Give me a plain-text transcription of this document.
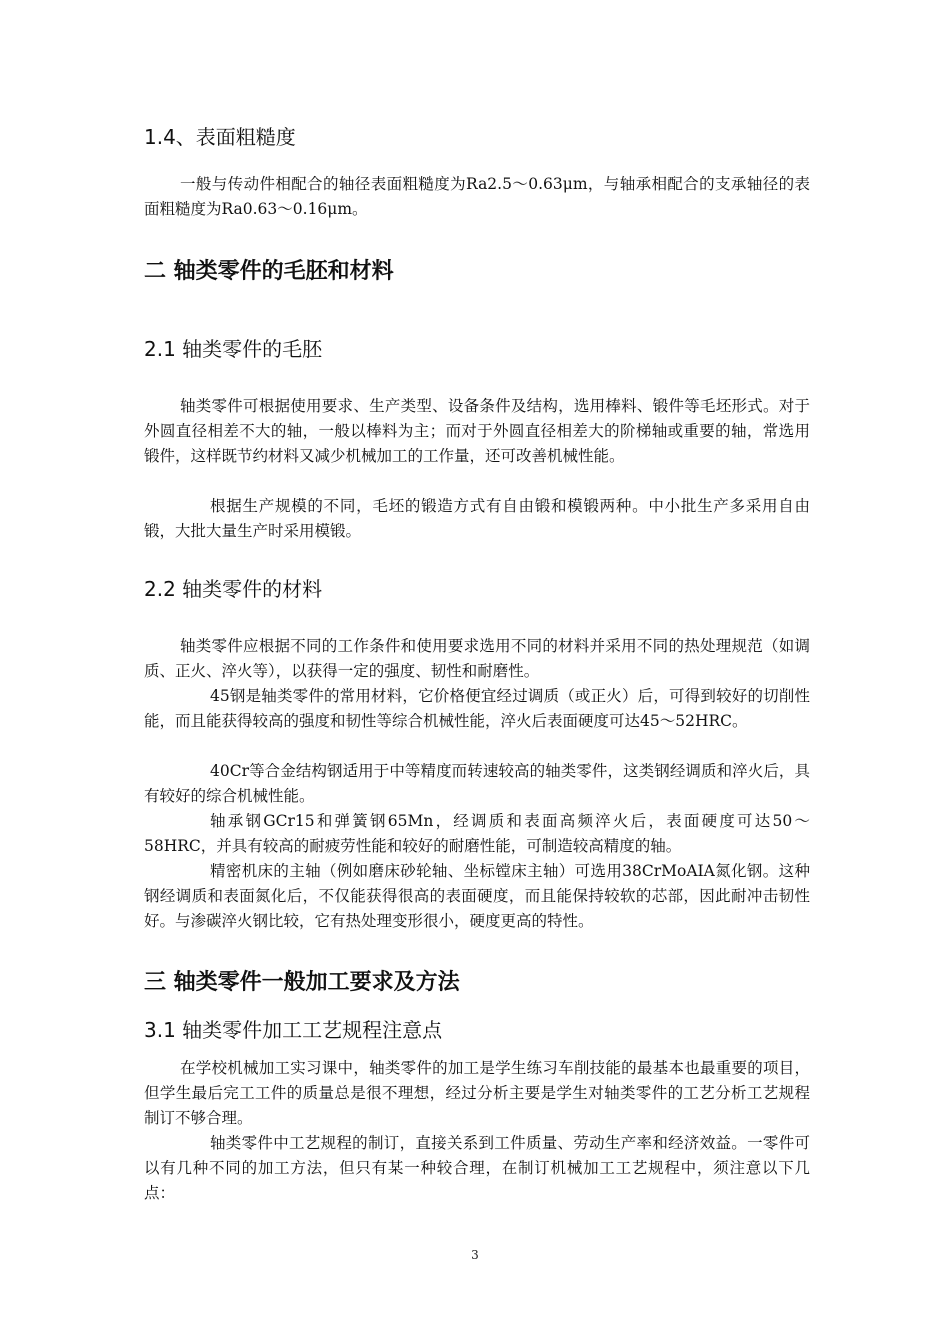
1.4、表面粗糙度
一般与传动件相配合的轴径表面粗糙度为Ra2.5～0.63μm，与轴承相配合的支承轴径的表面粗糙度为Ra0.63～0.16μm。
二 轴类零件的毛胚和材料
2.1 轴类零件的毛胚
轴类零件可根据使用要求、生产类型、设备条件及结构，选用棒料、锻件等毛坯形式。对于外圆直径相差不大的轴，一般以棒料为主；而对于外圆直径相差大的阶梯轴或重要的轴，常选用锻件，这样既节约材料又减少机械加工的工作量，还可改善机械性能。
根据生产规模的不同，毛坯的锻造方式有自由锻和模锻两种。中小批生产多采用自由锻，大批大量生产时采用模锻。
2.2 轴类零件的材料
轴类零件应根据不同的工作条件和使用要求选用不同的材料并采用不同的热处理规范（如调质、正火、淬火等），以获得一定的强度、韧性和耐磨性。
45钢是轴类零件的常用材料，它价格便宜经过调质（或正火）后，可得到较好的切削性能，而且能获得较高的强度和韧性等综合机械性能，淬火后表面硬度可达45～52HRC。
40Cr等合金结构钢适用于中等精度而转速较高的轴类零件，这类钢经调质和淬火后，具有较好的综合机械性能。
轴承钢GCr15和弹簧钢65Mn，经调质和表面高频淬火后，表面硬度可达50～58HRC，并具有较高的耐疲劳性能和较好的耐磨性能，可制造较高精度的轴。
精密机床的主轴（例如磨床砂轮轴、坐标镗床主轴）可选用38CrMoAIA氮化钢。这种钢经调质和表面氮化后，不仅能获得很高的表面硬度，而且能保持较软的芯部，因此耐冲击韧性好。与渗碳淬火钢比较，它有热处理变形很小，硬度更高的特性。
三 轴类零件一般加工要求及方法
3.1 轴类零件加工工艺规程注意点
在学校机械加工实习课中，轴类零件的加工是学生练习车削技能的最基本也最重要的项目，但学生最后完工工件的质量总是很不理想，经过分析主要是学生对轴类零件的工艺分析工艺规程制订不够合理。
轴类零件中工艺规程的制订，直接关系到工件质量、劳动生产率和经济效益。一零件可以有几种不同的加工方法，但只有某一种较合理，在制订机械加工工艺规程中，须注意以下几点：
3
